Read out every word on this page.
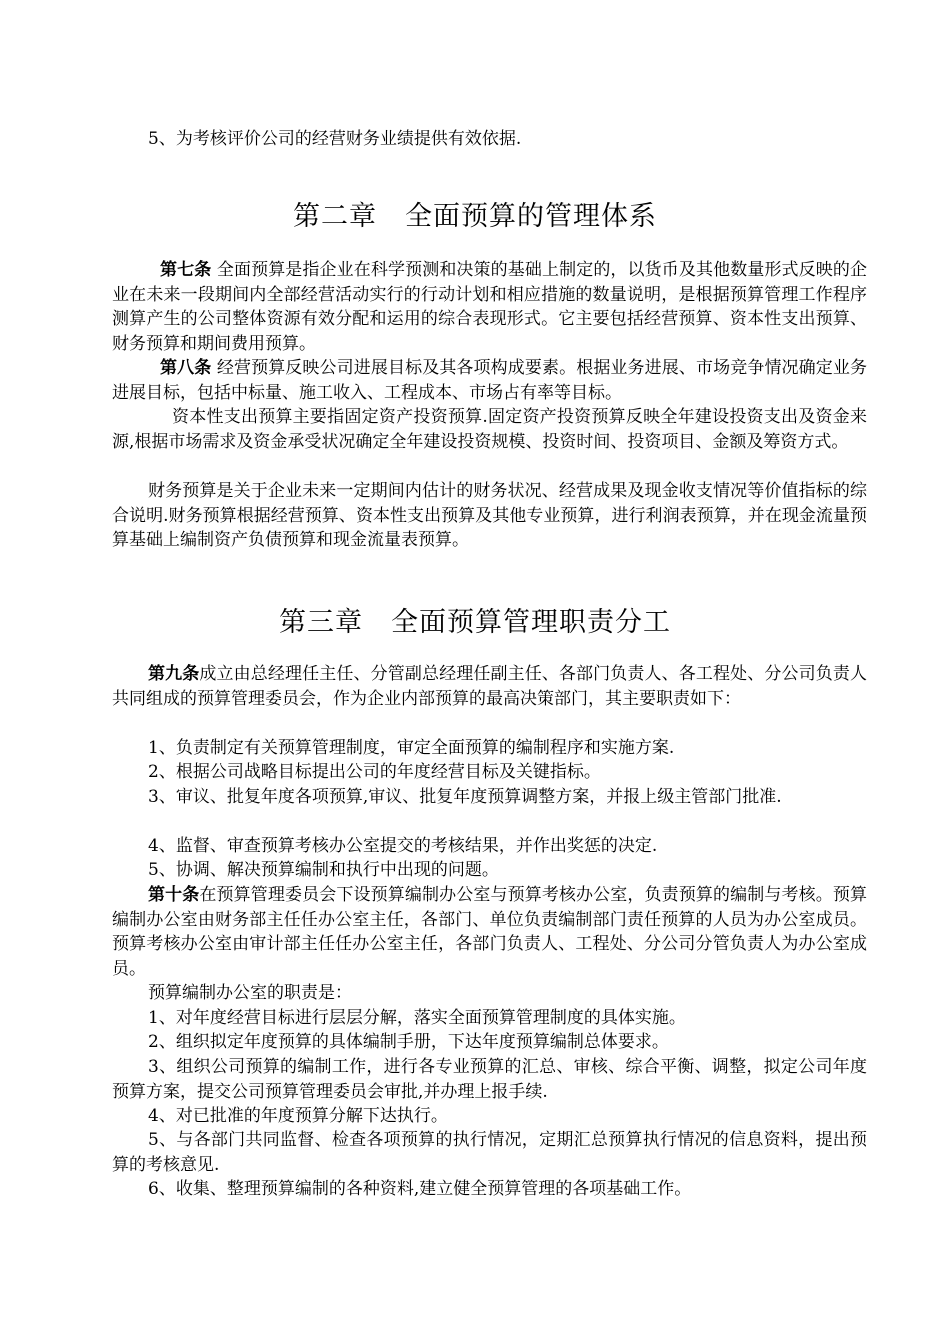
5、为考核评价公司的经营财务业绩提供有效依据.

第二章　全面预算的管理体系

第七条 全面预算是指企业在科学预测和决策的基础上制定的，以货币及其他数量形式反映的企业在未来一段期间内全部经营活动实行的行动计划和相应措施的数量说明，是根据预算管理工作程序测算产生的公司整体资源有效分配和运用的综合表现形式。它主要包括经营预算、资本性支出预算、财务预算和期间费用预算。

第八条 经营预算反映公司进展目标及其各项构成要素。根据业务进展、市场竞争情况确定业务进展目标，包括中标量、施工收入、工程成本、市场占有率等目标。

资本性支出预算主要指固定资产投资预算.固定资产投资预算反映全年建设投资支出及资金来源,根据市场需求及资金承受状况确定全年建设投资规模、投资时间、投资项目、金额及筹资方式。

财务预算是关于企业未来一定期间内估计的财务状况、经营成果及现金收支情况等价值指标的综合说明.财务预算根据经营预算、资本性支出预算及其他专业预算，进行利润表预算，并在现金流量预算基础上编制资产负债预算和现金流量表预算。

第三章　全面预算管理职责分工

第九条成立由总经理任主任、分管副总经理任副主任、各部门负责人、各工程处、分公司负责人共同组成的预算管理委员会，作为企业内部预算的最高决策部门，其主要职责如下：

1、负责制定有关预算管理制度，审定全面预算的编制程序和实施方案.

2、根据公司战略目标提出公司的年度经营目标及关键指标。

3、审议、批复年度各项预算,审议、批复年度预算调整方案，并报上级主管部门批准.

4、监督、审查预算考核办公室提交的考核结果，并作出奖惩的决定.

5、协调、解决预算编制和执行中出现的问题。

第十条在预算管理委员会下设预算编制办公室与预算考核办公室，负责预算的编制与考核。预算编制办公室由财务部主任任办公室主任，各部门、单位负责编制部门责任预算的人员为办公室成员。预算考核办公室由审计部主任任办公室主任，各部门负责人、工程处、分公司分管负责人为办公室成员。

预算编制办公室的职责是：

1、对年度经营目标进行层层分解，落实全面预算管理制度的具体实施。

2、组织拟定年度预算的具体编制手册，下达年度预算编制总体要求。

3、组织公司预算的编制工作，进行各专业预算的汇总、审核、综合平衡、调整，拟定公司年度预算方案，提交公司预算管理委员会审批,并办理上报手续.

4、对已批准的年度预算分解下达执行。

5、与各部门共同监督、检查各项预算的执行情况，定期汇总预算执行情况的信息资料，提出预算的考核意见.

6、收集、整理预算编制的各种资料,建立健全预算管理的各项基础工作。
